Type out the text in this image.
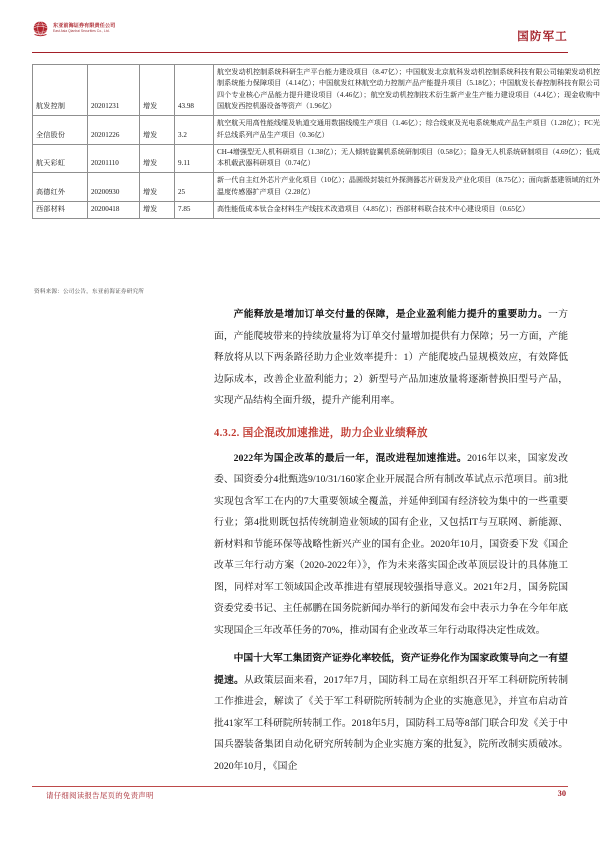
东亚前海证券有限责任公司
East Asia Qianhai Securities Co., Ltd.
国防军工
航发控制	20201231	增发	43.98	航空发动机控制系统科研生产平台能力建设项目（8.47亿）；中国航发北京航科发动机控制系统科技有限公司轴架发动机控制系统能力保障项目（4.14亿）；中国航发红林航空动力控制产品产能提升项目（5.18亿）；中国航发长春控制科技有限公司四个专业核心产品能力提升建设项目（4.46亿）；航空发动机控制技术衍生新产业生产能力建设项目（4.4亿）；现金收购中国航发西控机器设备等资产（1.96亿）
全信股份	20201226	增发	3.2	航空航天用高性能线缆及轨道交通用数据线缆生产项目（1.46亿）；综合线束及光电系统集成产品生产项目（1.28亿）；FC光纤总线系列产品生产项目（0.36亿）
航天彩虹	20201110	增发	9.11	CH-4增强型无人机科研项目（1.38亿）；无人倾转旋翼机系统研制项目（0.58亿）；隐身无人机系统研制项目（4.69亿）；低成本机载武器科研项目（0.74亿）
高德红外	20200930	增发	25	新一代自主红外芯片产业化项目（10亿）；晶圆级封装红外探测器芯片研发及产业化项目（8.75亿）；面向新基建领域的红外温度传感器扩产项目（2.28亿）
西部材料	20200418	增发	7.85	高性能低成本钛合金材料生产线技术改造项目（4.85亿）；西部材料联合技术中心建设项目（0.65亿）
资料来源：公司公告，东亚前海证券研究所

产能释放是增加订单交付量的保障，是企业盈利能力提升的重要助力。一方面，产能爬坡带来的持续放量将为订单交付量增加提供有力保障；另一方面，产能释放将从以下两条路径助力企业效率提升：1）产能爬坡凸显规模效应，有效降低边际成本，改善企业盈利能力；2）新型号产品加速放量将逐渐替换旧型号产品，实现产品结构全面升级，提升产能利用率。

4.3.2. 国企混改加速推进，助力企业业绩释放

2022年为国企改革的最后一年，混改进程加速推进。2016年以来，国家发改委、国资委分4批甄选9/10/31/160家企业开展混合所有制改革试点示范项目。前3批实现包含军工在内的7大重要领域全覆盖，并延伸到国有经济较为集中的一些重要行业；第4批则既包括传统制造业领域的国有企业，又包括IT与互联网、新能源、新材料和节能环保等战略性新兴产业的国有企业。2020年10月，国资委下发《国企改革三年行动方案（2020-2022年）》，作为未来落实国企改革顶层设计的具体施工图，同样对军工领域国企改革推进有望展现较强指导意义。2021年2月，国务院国资委党委书记、主任郝鹏在国务院新闻办举行的新闻发布会中表示力争在今年年底实现国企三年改革任务的70%，推动国有企业改革三年行动取得决定性成效。

中国十大军工集团资产证券化率较低，资产证券化作为国家政策导向之一有望提速。从政策层面来看，2017年7月，国防科工局在京组织召开军工科研院所转制工作推进会，解读了《关于军工科研院所转制为企业的实施意见》，并宣布启动首批41家军工科研院所转制工作。2018年5月，国防科工局等8部门联合印发《关于中国兵器装备集团自动化研究所转制为企业实施方案的批复》，院所改制实质破冰。2020年10月，《国企

请仔细阅读报告尾页的免责声明	30
